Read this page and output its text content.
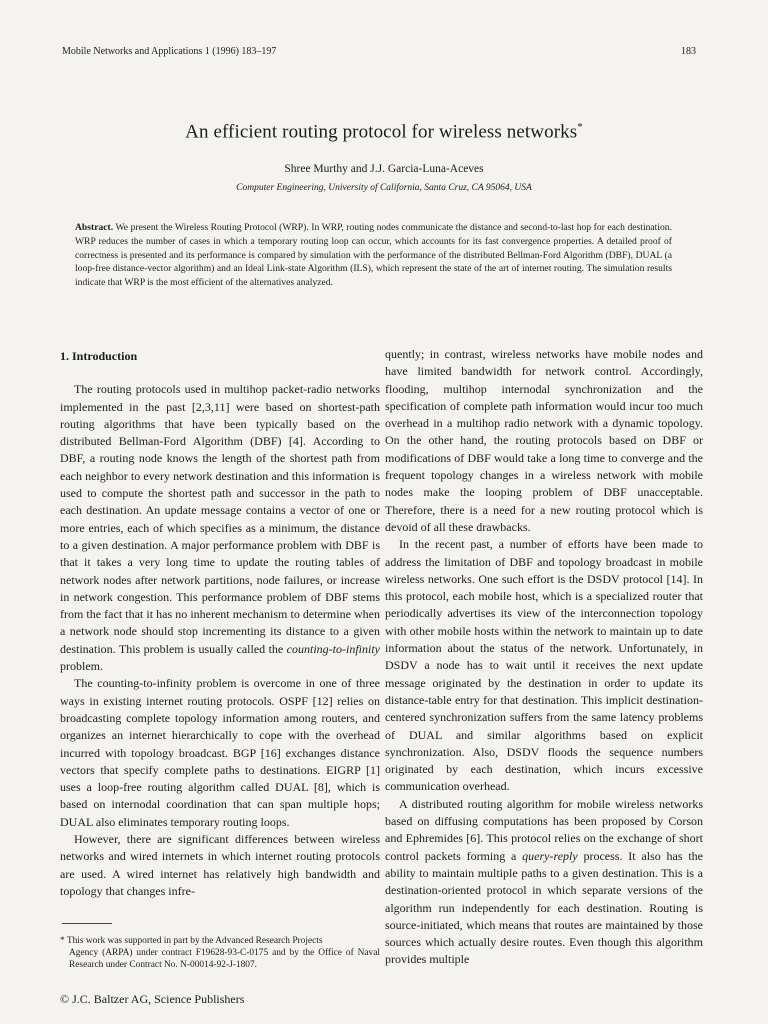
Mobile Networks and Applications 1 (1996) 183–197	183
An efficient routing protocol for wireless networks*
Shree Murthy and J.J. Garcia-Luna-Aceves
Computer Engineering, University of California, Santa Cruz, CA 95064, USA
Abstract. We present the Wireless Routing Protocol (WRP). In WRP, routing nodes communicate the distance and second-to-last hop for each destination. WRP reduces the number of cases in which a temporary routing loop can occur, which accounts for its fast convergence properties. A detailed proof of correctness is presented and its performance is compared by simulation with the performance of the distributed Bellman-Ford Algorithm (DBF), DUAL (a loop-free distance-vector algorithm) and an Ideal Link-state Algorithm (ILS), which represent the state of the art of internet routing. The simulation results indicate that WRP is the most efficient of the alternatives analyzed.
1. Introduction

The routing protocols used in multihop packet-radio networks implemented in the past [2,3,11] were based on shortest-path routing algorithms that have been typically based on the distributed Bellman-Ford Algorithm (DBF) [4]. According to DBF, a routing node knows the length of the shortest path from each neighbor to every network destination and this information is used to compute the shortest path and successor in the path to each destination. An update message contains a vector of one or more entries, each of which specifies as a minimum, the distance to a given destination. A major performance problem with DBF is that it takes a very long time to update the routing tables of network nodes after network partitions, node failures, or increase in network congestion. This performance problem of DBF stems from the fact that it has no inherent mechanism to determine when a network node should stop incrementing its distance to a given destination. This problem is usually called the counting-to-infinity problem.

The counting-to-infinity problem is overcome in one of three ways in existing internet routing protocols. OSPF [12] relies on broadcasting complete topology information among routers, and organizes an internet hierarchically to cope with the overhead incurred with topology broadcast. BGP [16] exchanges distance vectors that specify complete paths to destinations. EIGRP [1] uses a loop-free routing algorithm called DUAL [8], which is based on internodal coordination that can span multiple hops; DUAL also eliminates temporary routing loops.

However, there are significant differences between wireless networks and wired internets in which internet routing protocols are used. A wired internet has relatively high bandwidth and topology that changes infre-

quently; in contrast, wireless networks have mobile nodes and have limited bandwidth for network control. Accordingly, flooding, multihop internodal synchronization and the specification of complete path information would incur too much overhead in a multihop radio network with a dynamic topology. On the other hand, the routing protocols based on DBF or modifications of DBF would take a long time to converge and the frequent topology changes in a wireless network with mobile nodes make the looping problem of DBF unacceptable. Therefore, there is a need for a new routing protocol which is devoid of all these drawbacks.

In the recent past, a number of efforts have been made to address the limitation of DBF and topology broadcast in mobile wireless networks. One such effort is the DSDV protocol [14]. In this protocol, each mobile host, which is a specialized router that periodically advertises its view of the interconnection topology with other mobile hosts within the network to maintain up to date information about the status of the network. Unfortunately, in DSDV a node has to wait until it receives the next update message originated by the destination in order to update its distance-table entry for that destination. This implicit destination-centered synchronization suffers from the same latency problems of DUAL and similar algorithms based on explicit synchronization. Also, DSDV floods the sequence numbers originated by each destination, which incurs excessive communication overhead.

A distributed routing algorithm for mobile wireless networks based on diffusing computations has been proposed by Corson and Ephremides [6]. This protocol relies on the exchange of short control packets forming a query-reply process. It also has the ability to maintain multiple paths to a given destination. This is a destination-oriented protocol in which separate versions of the algorithm run independently for each destination. Routing is source-initiated, which means that routes are maintained by those sources which actually desire routes. Even though this algorithm provides multiple

* This work was supported in part by the Advanced Research Projects
Agency (ARPA) under contract F19628-93-C-0175 and by the Office of Naval Research under Contract No. N-00014-92-J-1807.
© J.C. Baltzer AG, Science Publishers
